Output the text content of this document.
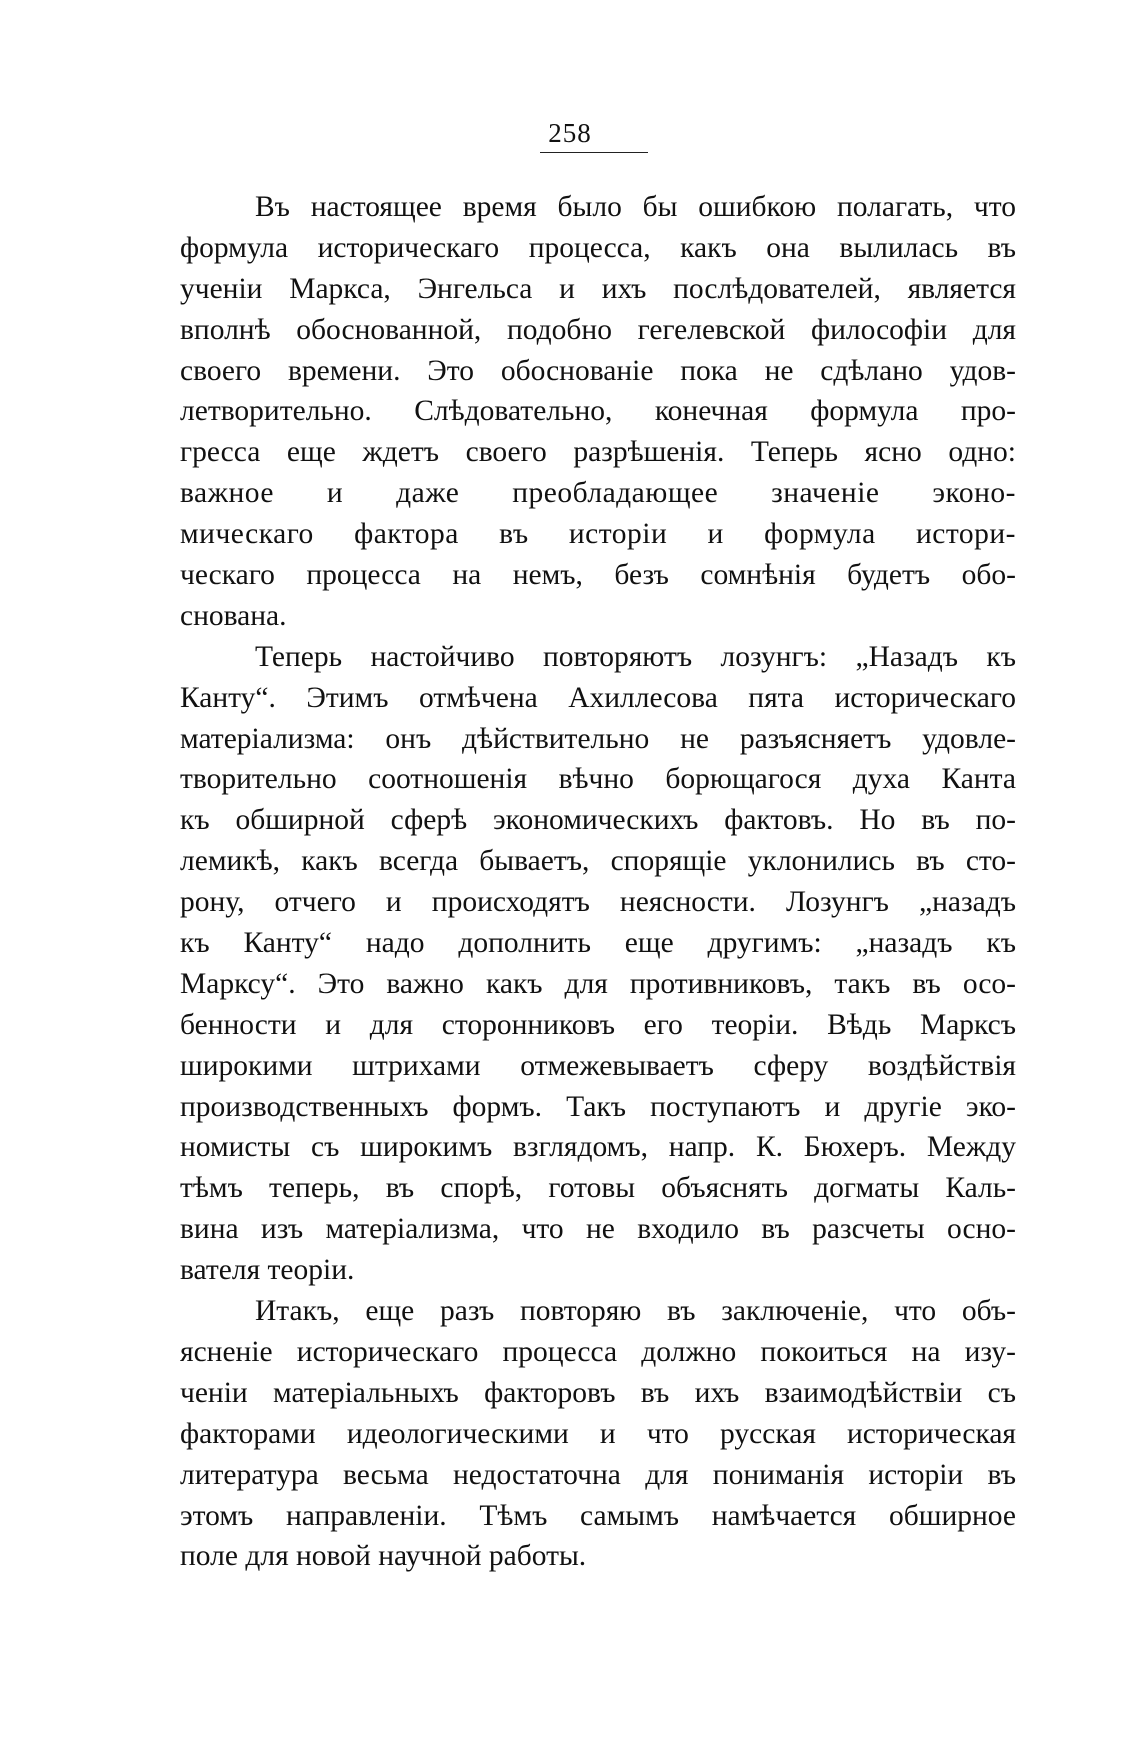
258
Въ настоящее время было бы ошибкою полагать, что
формула историческаго процесса, какъ она вылилась въ
ученіи Маркса, Энгельса и ихъ послѣдователей, является
вполнѣ обоснованной, подобно гегелевской философіи для
своего времени. Это обоснованіе пока не сдѣлано удов-
летворительно. Слѣдовательно, конечная формула про-
гресса еще ждетъ своего разрѣшенія. Теперь ясно одно:
важное и даже преобладающее значеніе эконо-
мическаго фактора въ исторіи и формула истори-
ческаго процесса на немъ, безъ сомнѣнія будетъ обо-
снована.
Теперь настойчиво повторяютъ лозунгъ: „Назадъ къ
Канту“. Этимъ отмѣчена Ахиллесова пята историческаго
матеріализма: онъ дѣйствительно не разъясняетъ удовле-
творительно соотношенія вѣчно борющагося духа Канта
къ обширной сферѣ экономическихъ фактовъ. Но въ по-
лемикѣ, какъ всегда бываетъ, спорящіе уклонились въ сто-
рону, отчего и происходятъ неясности. Лозунгъ „назадъ
къ Канту“ надо дополнить еще другимъ: „назадъ къ
Марксу“. Это важно какъ для противниковъ, такъ въ осо-
бенности и для сторонниковъ его теоріи. Вѣдь Марксъ
широкими штрихами отмежевываетъ сферу воздѣйствія
производственныхъ формъ. Такъ поступаютъ и другіе эко-
номисты съ широкимъ взглядомъ, напр. К. Бюхеръ. Между
тѣмъ теперь, въ спорѣ, готовы объяснять догматы Каль-
вина изъ матеріализма, что не входило въ разсчеты осно-
вателя теоріи.
Итакъ, еще разъ повторяю въ заключеніе, что объ-
ясненіе историческаго процесса должно покоиться на изу-
ченіи матеріальныхъ факторовъ въ ихъ взаимодѣйствіи съ
факторами идеологическими и что русская историческая
литература весьма недостаточна для пониманія исторіи въ
этомъ направленіи. Тѣмъ самымъ намѣчается обширное
поле для новой научной работы.
